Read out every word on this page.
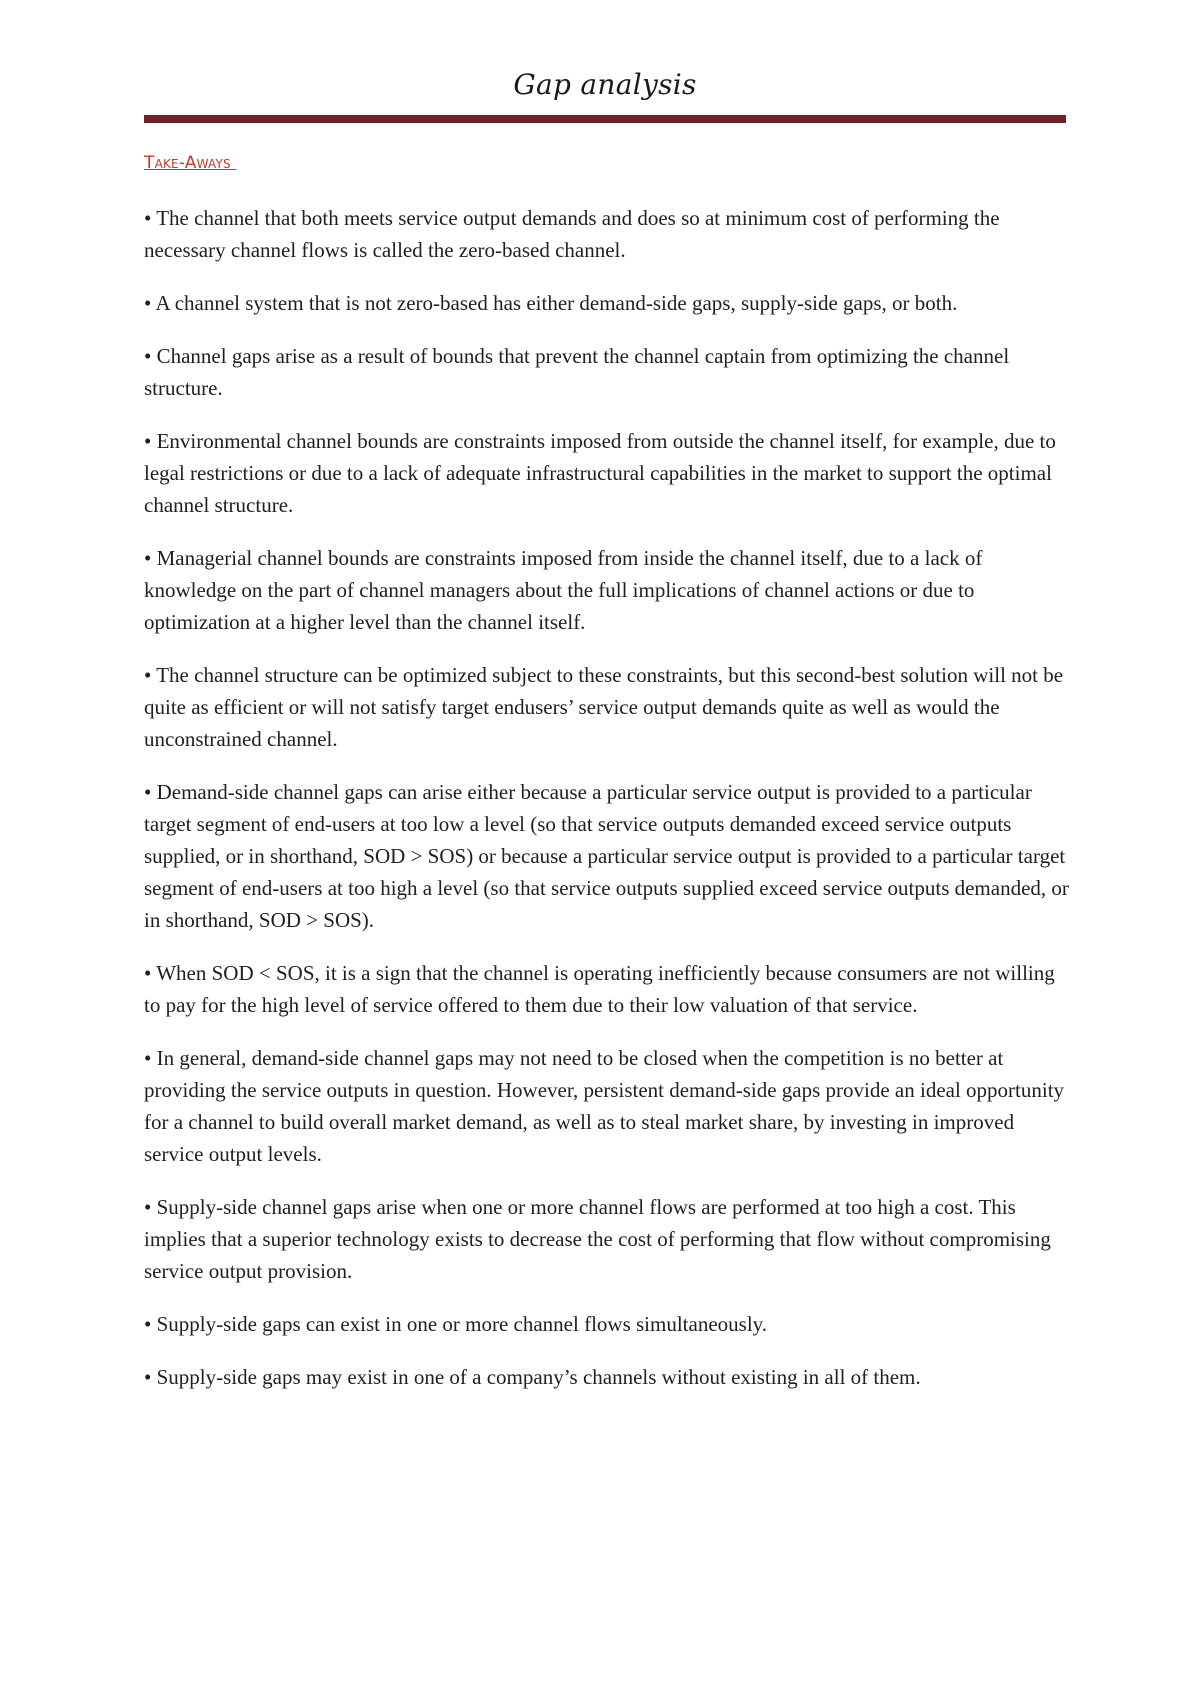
Gap analysis
Take-Aways

• The channel that both meets service output demands and does so at minimum cost of performing the necessary channel flows is called the zero-based channel.

• A channel system that is not zero-based has either demand-side gaps, supply-side gaps, or both.

• Channel gaps arise as a result of bounds that prevent the channel captain from optimizing the channel structure.

• Environmental channel bounds are constraints imposed from outside the channel itself, for example, due to legal restrictions or due to a lack of adequate infrastructural capabilities in the market to support the optimal channel structure.

• Managerial channel bounds are constraints imposed from inside the channel itself, due to a lack of knowledge on the part of channel managers about the full implications of channel actions or due to optimization at a higher level than the channel itself.

• The channel structure can be optimized subject to these constraints, but this second-best solution will not be quite as efficient or will not satisfy target endusers’ service output demands quite as well as would the unconstrained channel.

• Demand-side channel gaps can arise either because a particular service output is provided to a particular target segment of end-users at too low a level (so that service outputs demanded exceed service outputs supplied, or in shorthand, SOD > SOS) or because a particular service output is provided to a particular target segment of end-users at too high a level (so that service outputs supplied exceed service outputs demanded, or in shorthand, SOD > SOS).

• When SOD < SOS, it is a sign that the channel is operating inefficiently because consumers are not willing to pay for the high level of service offered to them due to their low valuation of that service.

• In general, demand-side channel gaps may not need to be closed when the competition is no better at providing the service outputs in question. However, persistent demand-side gaps provide an ideal opportunity for a channel to build overall market demand, as well as to steal market share, by investing in improved service output levels.

• Supply-side channel gaps arise when one or more channel flows are performed at too high a cost. This implies that a superior technology exists to decrease the cost of performing that flow without compromising service output provision.

• Supply-side gaps can exist in one or more channel flows simultaneously.

• Supply-side gaps may exist in one of a company’s channels without existing in all of them.
